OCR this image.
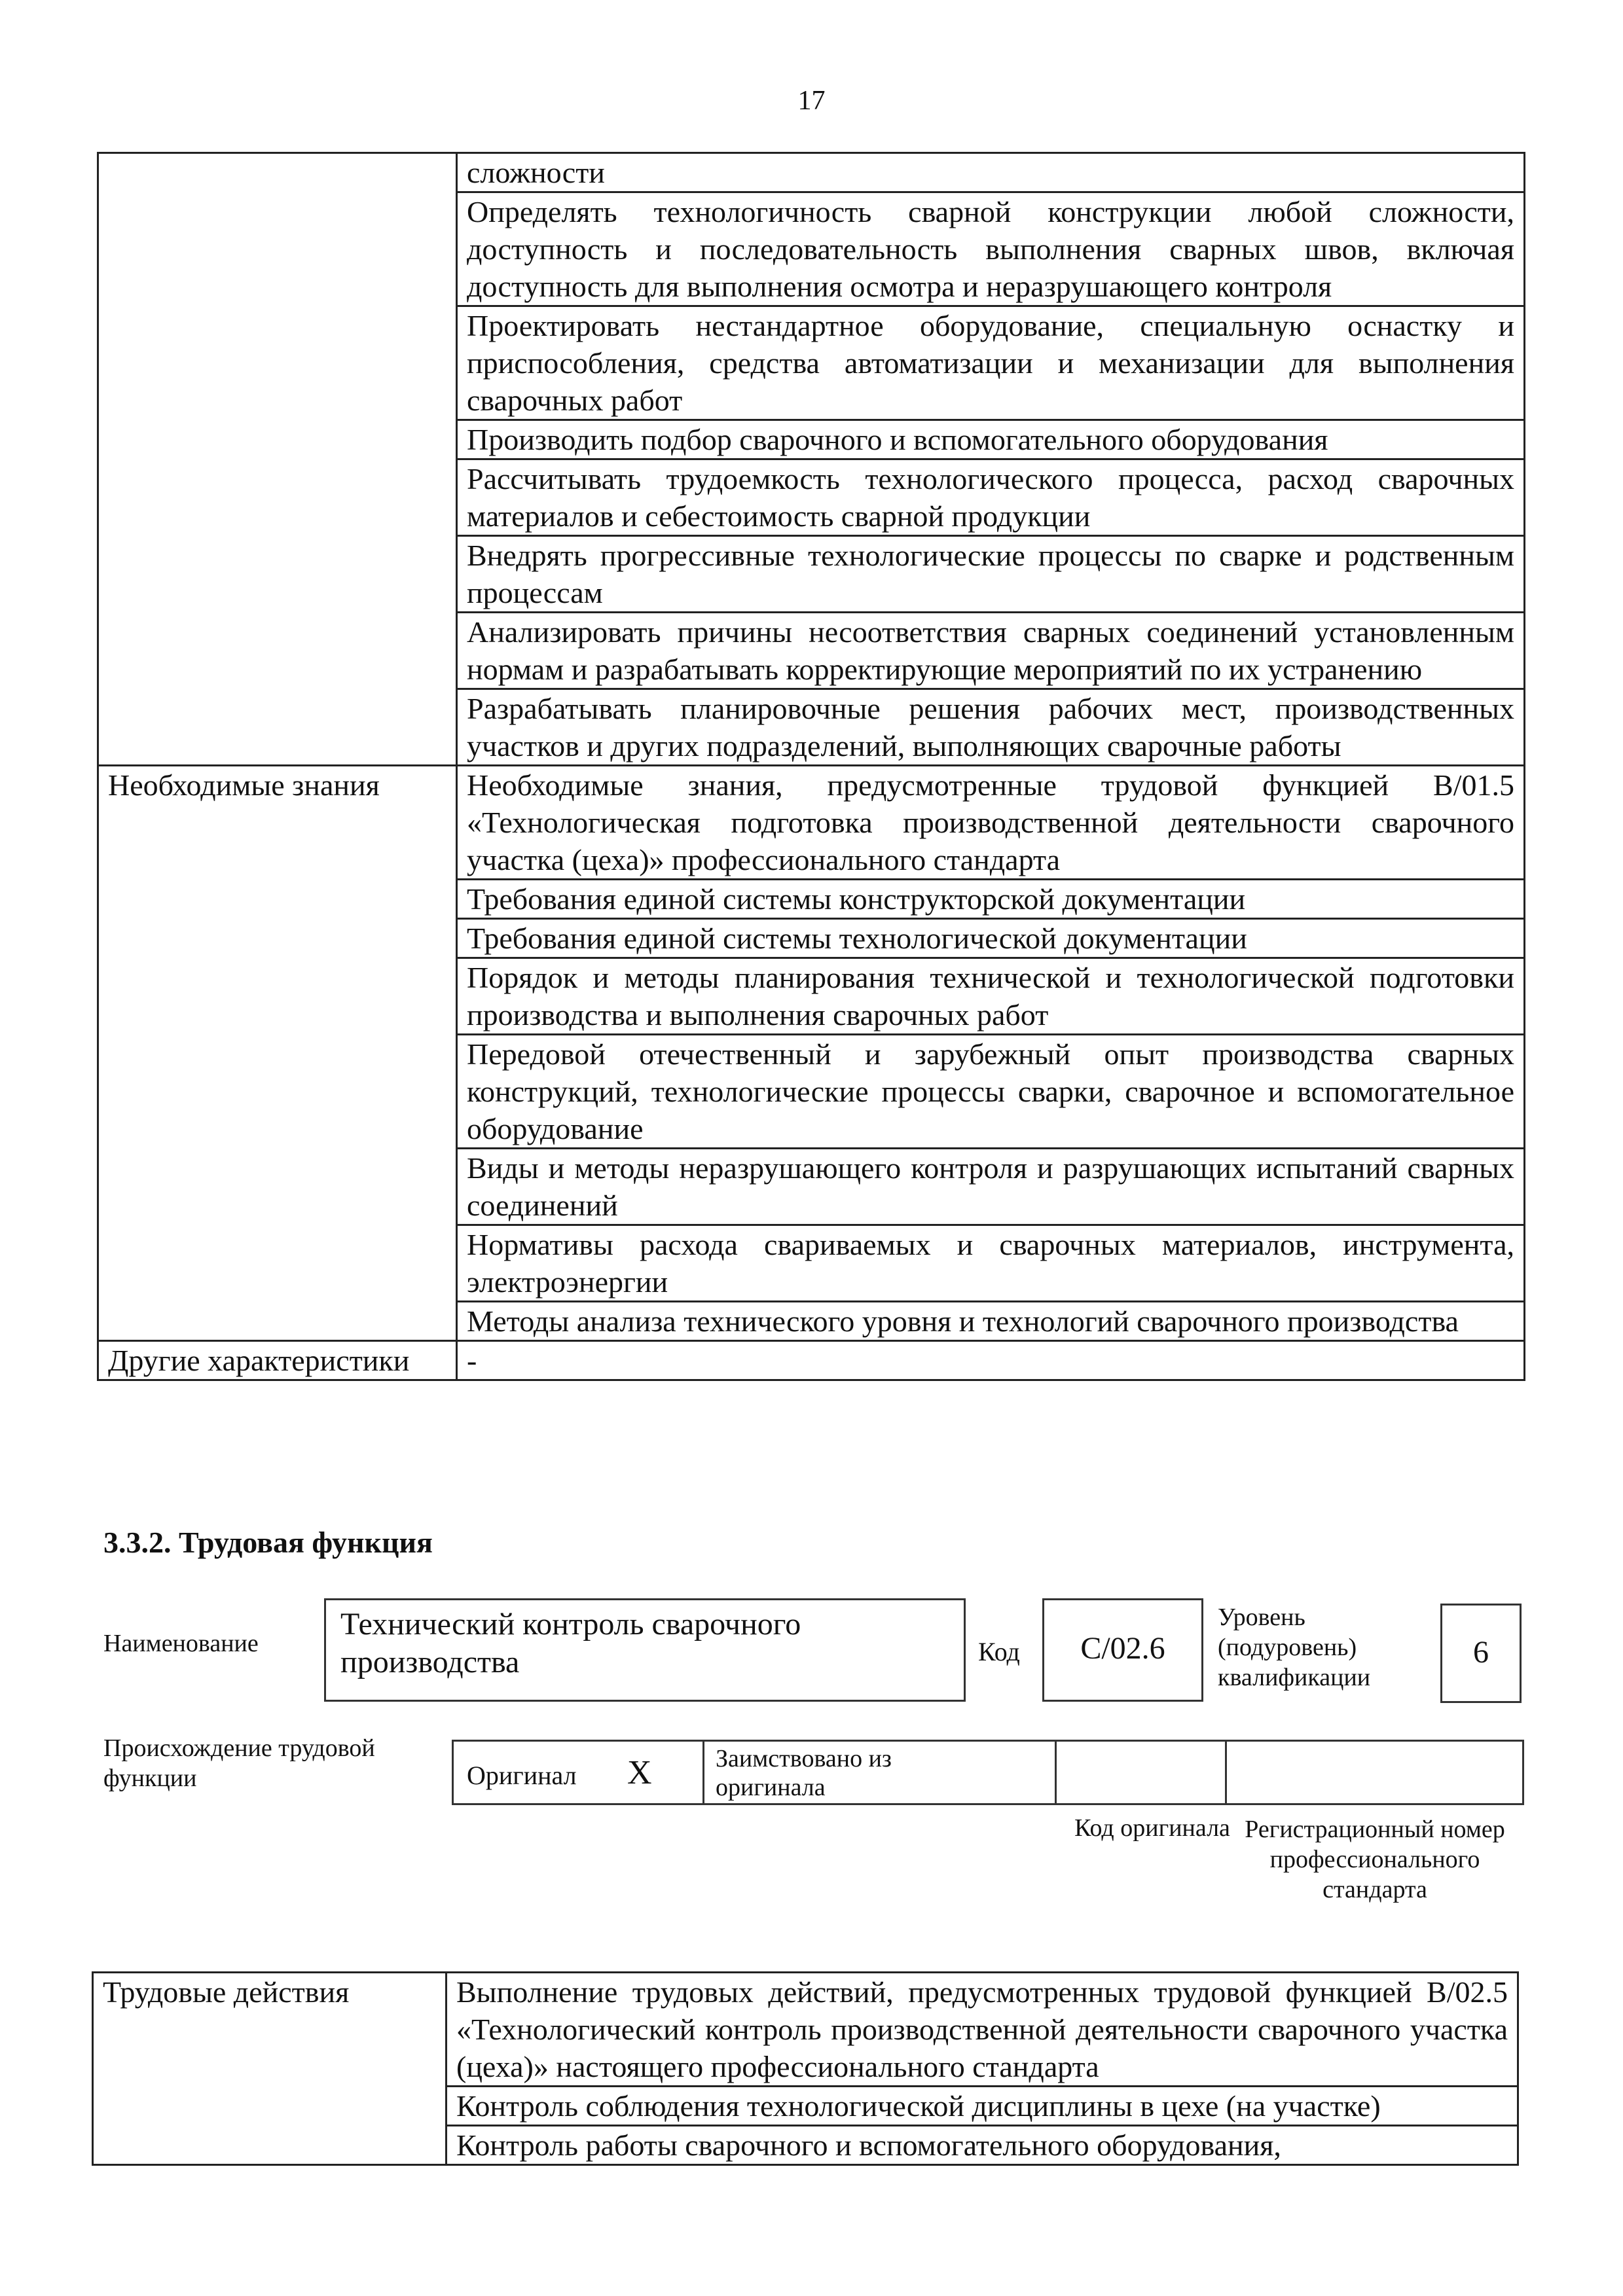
17
	сложности
	Определять технологичность сварной конструкции любой сложности, доступность и последовательность выполнения сварных швов, включая доступность для выполнения осмотра и неразрушающего контроля
	Проектировать нестандартное оборудование, специальную оснастку и приспособления, средства автоматизации и механизации для выполнения сварочных работ
	Производить подбор сварочного и вспомогательного оборудования
	Рассчитывать трудоемкость технологического процесса, расход сварочных материалов и себестоимость сварной продукции
	Внедрять прогрессивные технологические процессы по сварке и родственным процессам
	Анализировать причины несоответствия сварных соединений установленным нормам и разрабатывать корректирующие мероприятий по их устранению
	Разрабатывать планировочные решения рабочих мест, производственных участков и других подразделений, выполняющих сварочные работы
Необходимые знания	Необходимые знания, предусмотренные трудовой функцией В/01.5 «Технологическая подготовка производственной деятельности сварочного участка (цеха)» профессионального стандарта
	Требования единой системы конструкторской документации
	Требования единой системы технологической документации
	Порядок и методы планирования технической и технологической подготовки производства и выполнения сварочных работ
	Передовой отечественный и зарубежный опыт производства сварных конструкций, технологические процессы сварки, сварочное и вспомогательное оборудование
	Виды и методы неразрушающего контроля и разрушающих испытаний сварных соединений
	Нормативы расхода свариваемых и сварочных материалов, инструмента, электроэнергии
	Методы анализа технического уровня и технологий сварочного производства
Другие характеристики	-
3.3.2. Трудовая функция
Наименование
Технический контроль сварочного производства	Код	С/02.6
Уровень (подуровень) квалификации
6
Происхождение трудовой функции	Оригинал X	Заимствовано из оригинала
Код оригинала Регистрационный номер профессионального стандарта
Трудовые действия	Выполнение трудовых действий, предусмотренных трудовой функцией В/02.5 «Технологический контроль производственной деятельности сварочного участка (цеха)» настоящего профессионального стандарта
Контроль соблюдения технологической дисциплины в цехе (на участке)
Контроль работы сварочного и вспомогательного оборудования,
